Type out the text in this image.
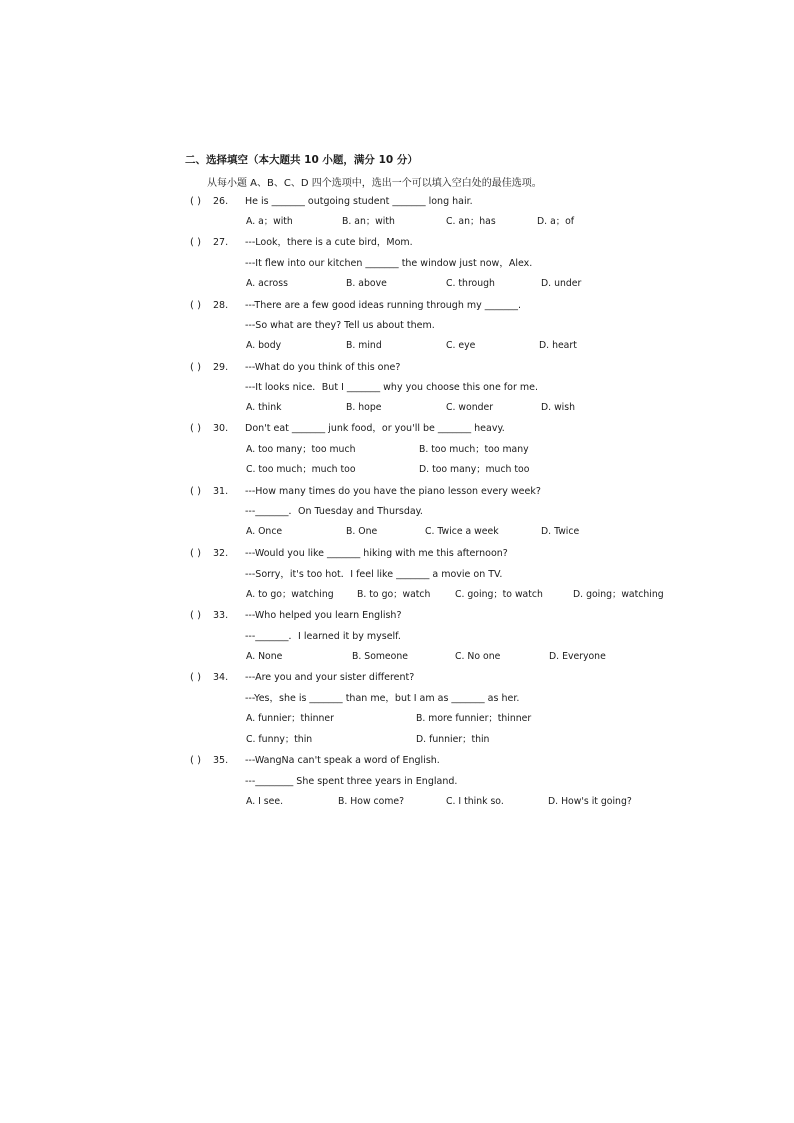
二、选择填空（本大题共 10 小题，满分 10 分）
从每小题 A、B、C、D 四个选项中，选出一个可以填入空白处的最佳选项。
( ) 26. He is _______ outgoing student _______ long hair.
A. a；with	B. an；with	C. an；has	D. a；of
( ) 27. ---Look，there is a cute bird，Mom.
---It flew into our kitchen _______ the window just now，Alex.
A. across	B. above	C. through	D. under
( ) 28. ---There are a few good ideas running through my _______.
---So what are they? Tell us about them.
A. body	B. mind	C. eye	D. heart
( ) 29. ---What do you think of this one?
---It looks nice．But I _______ why you choose this one for me.
A. think	B. hope	C. wonder	D. wish
( ) 30. Don't eat _______ junk food，or you'll be _______ heavy.
A. too many；too much	B. too much；too many
C. too much；much too	D. too many；much too
( ) 31. ---How many times do you have the piano lesson every week?
---_______．On Tuesday and Thursday.
A. Once	B. One	C. Twice a week	D. Twice
( ) 32. ---Would you like _______ hiking with me this afternoon?
---Sorry，it's too hot．I feel like _______ a movie on TV.
A. to go；watching	B. to go；watch	C. going；to watch	D. going；watching
( ) 33. ---Who helped you learn English?
---_______．I learned it by myself.
A. None	B. Someone	C. No one	D. Everyone
( ) 34. ---Are you and your sister different?
---Yes，she is _______ than me，but I am as _______ as her.
A. funnier；thinner	B. more funnier；thinner
C. funny；thin	D. funnier；thin
( ) 35. ---WangNa can't speak a word of English.
---________ She spent three years in England.
A. I see.	B. How come?	C. I think so.	D. How's it going?
